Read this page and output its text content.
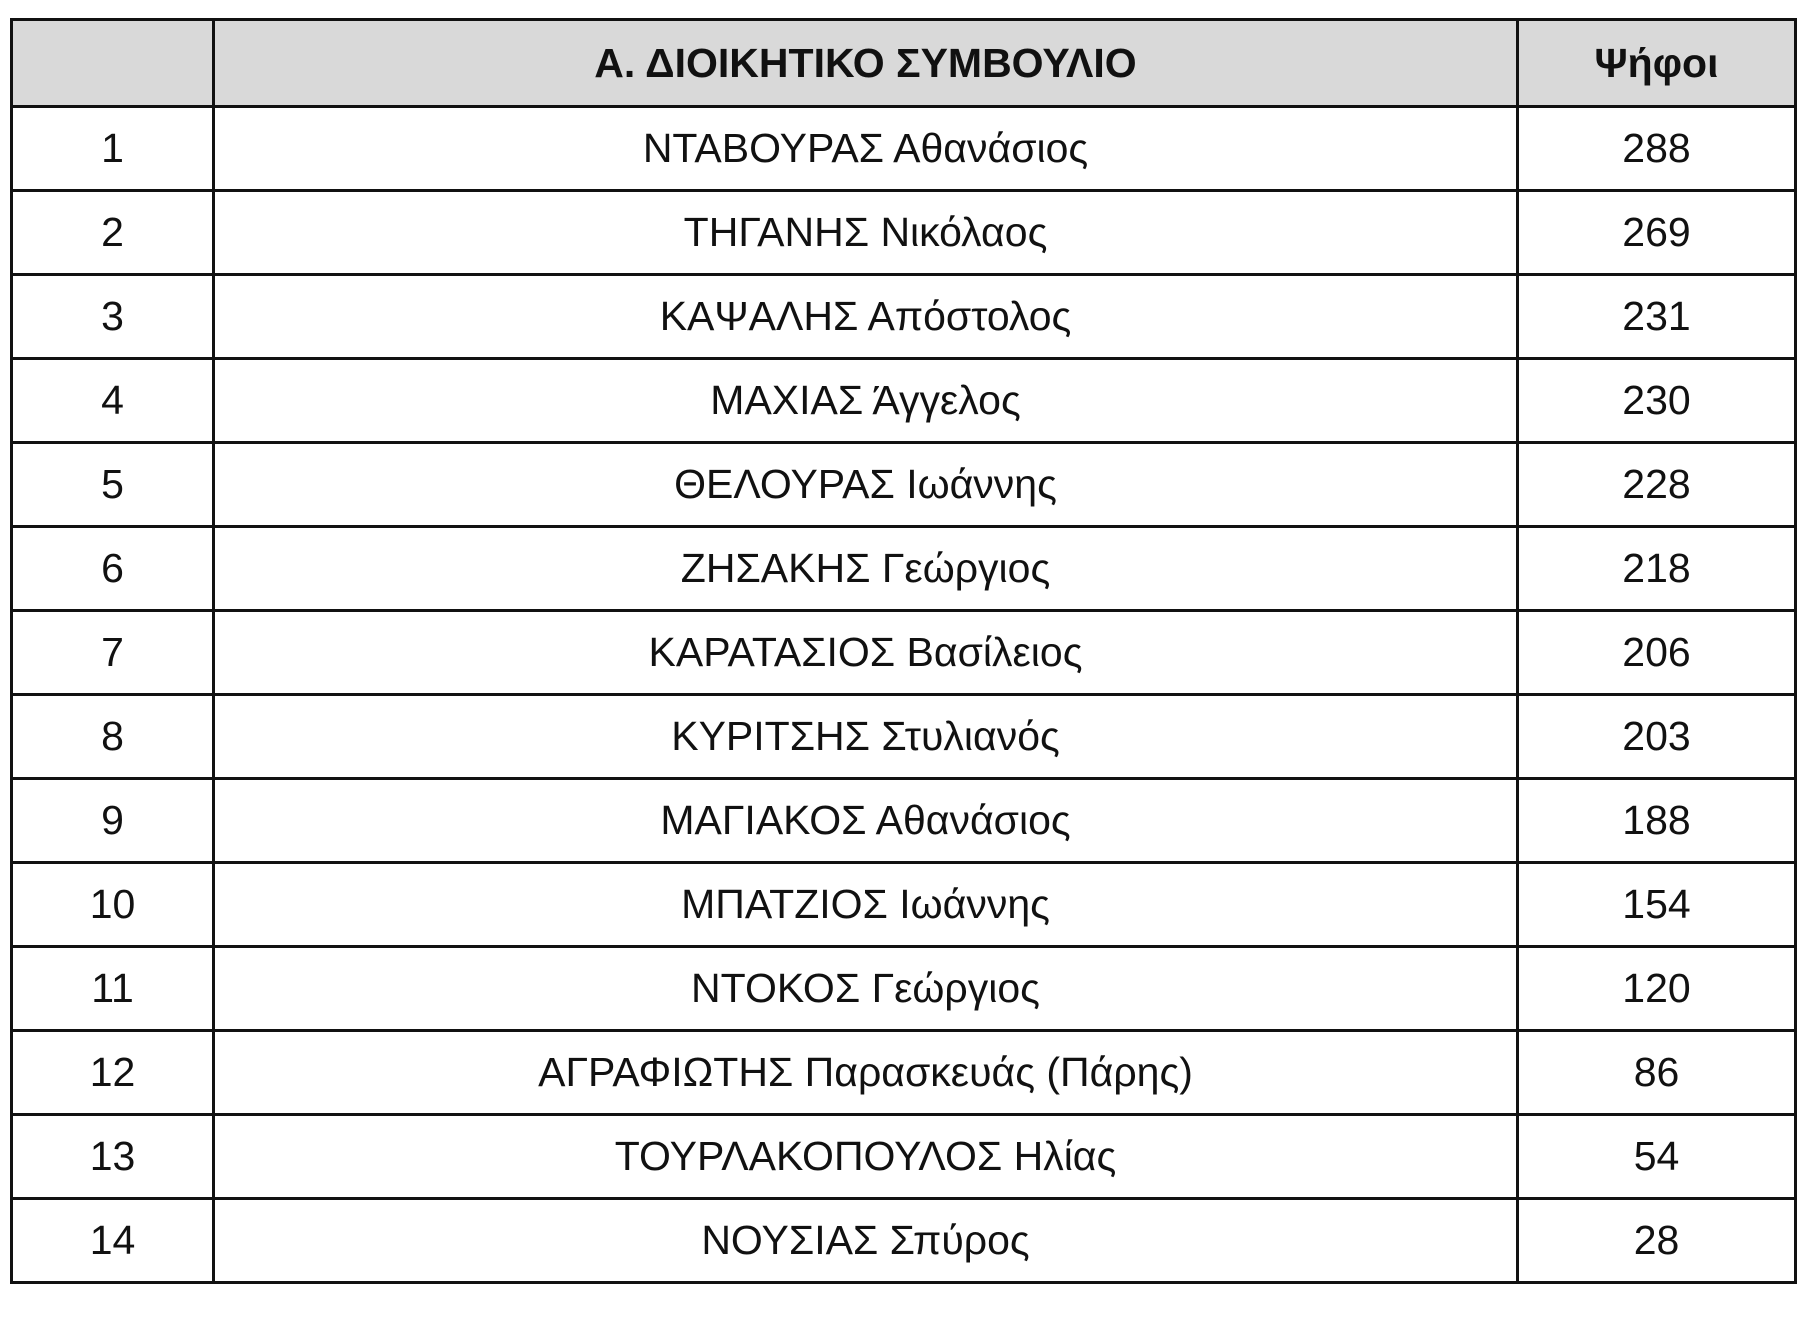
	Α. ΔΙΟΙΚΗΤΙΚΟ ΣΥΜΒΟΥΛΙΟ	Ψήφοι
1	ΝΤΑΒΟΥΡΑΣ Αθανάσιος	288
2	ΤΗΓΑΝΗΣ Νικόλαος	269
3	ΚΑΨΑΛΗΣ Απόστολος	231
4	ΜΑΧΙΑΣ Άγγελος	230
5	ΘΕΛΟΥΡΑΣ Ιωάννης	228
6	ΖΗΣΑΚΗΣ Γεώργιος	218
7	ΚΑΡΑΤΑΣΙΟΣ Βασίλειος	206
8	ΚΥΡΙΤΣΗΣ Στυλιανός	203
9	ΜΑΓΙΑΚΟΣ Αθανάσιος	188
10	ΜΠΑΤΖΙΟΣ Ιωάννης	154
11	ΝΤΟΚΟΣ Γεώργιος	120
12	ΑΓΡΑΦΙΩΤΗΣ Παρασκευάς (Πάρης)	86
13	ΤΟΥΡΛΑΚΟΠΟΥΛΟΣ Ηλίας	54
14	ΝΟΥΣΙΑΣ Σπύρος	28
